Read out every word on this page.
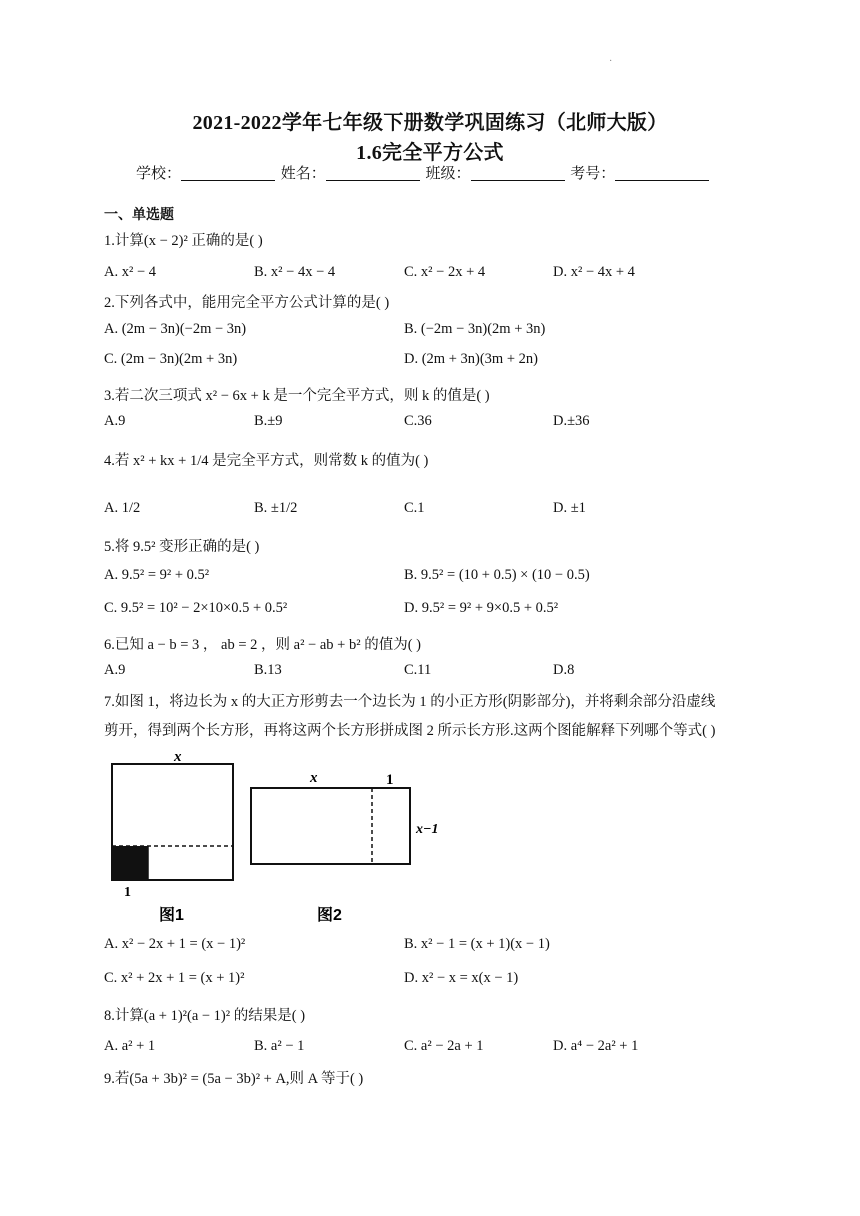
·
2021-2022学年七年级下册数学巩固练习（北师大版）
1.6完全平方公式
学校：	姓名：	班级：	考号：
一、单选题
1.计算(x − 2)² 正确的是( )
A. x² − 4	B. x² − 4x − 4	C. x² − 2x + 4	D. x² − 4x + 4
2.下列各式中，能用完全平方公式计算的是( )
A. (2m − 3n)(−2m − 3n)	B. (−2m − 3n)(2m + 3n)
C. (2m − 3n)(2m + 3n)	D. (2m + 3n)(3m + 2n)
3.若二次三项式 x² − 6x + k 是一个完全平方式，则 k 的值是( )
A.9	B.±9	C.36	D.±36
4.若 x² + kx + 1/4 是完全平方式，则常数 k 的值为( )
A. 1/2	B. ±1/2	C.1	D. ±1
5.将 9.5² 变形正确的是( )
A. 9.5² = 9² + 0.5²	B. 9.5² = (10 + 0.5) × (10 − 0.5)
C. 9.5² = 10² − 2×10×0.5 + 0.5²	D. 9.5² = 9² + 9×0.5 + 0.5²
6.已知 a − b = 3 ， ab = 2 ，则 a² − ab + b² 的值为( )
A.9	B.13	C.11	D.8
7.如图 1，将边长为 x 的大正方形剪去一个边长为 1 的小正方形(阴影部分)，并将剩余部分沿虚线
剪开，得到两个长方形，再将这两个长方形拼成图 2 所示长方形.这两个图能解释下列哪个等式( )
x
1
图1
x	1
x−1
图2
A. x² − 2x + 1 = (x − 1)²	B. x² − 1 = (x + 1)(x − 1)
C. x² + 2x + 1 = (x + 1)²	D. x² − x = x(x − 1)
8.计算(a + 1)²(a − 1)² 的结果是( )
A. a² + 1	B. a² − 1	C. a² − 2a + 1	D. a⁴ − 2a² + 1
9.若(5a + 3b)² = (5a − 3b)² + A,则 A 等于( )
